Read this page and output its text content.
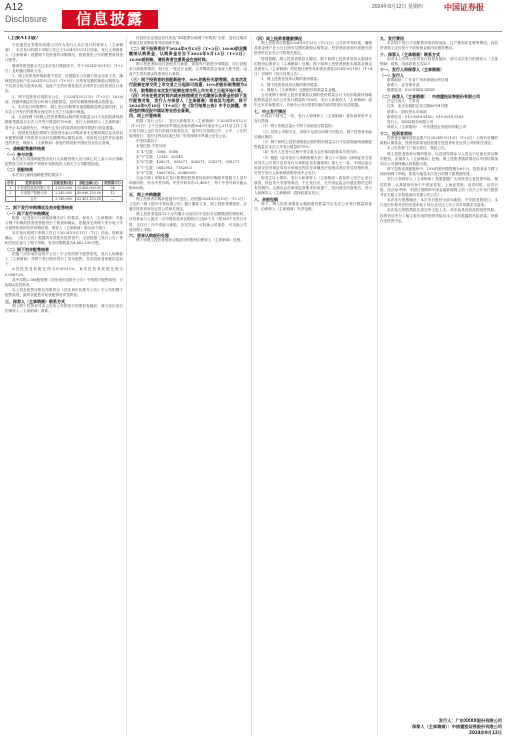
A12	2024年9月12日 星期四	中国证券报
Disclosure	信息披露
（上接A11版）

中信建投证券股份有限公司作为发行人本次发行的保荐人（主承销商），本次发行的网下申购工作已于2024年9月11日结束，发行人和保荐人（主承销商）根据网下投资者的申购情况，按照预先公布的配售原则进行配售。

敬请投资者重点关注本次发行缴款环节，并于2024年9月13日（T+2日）及时履行缴款义务。

1、网上投资者申购新股中签后，应根据本公告履行资金交收义务，确保其资金账户在2024年9月13日（T+2日）日终有足额的新股认购资金，不足部分视为放弃认购，由此产生的后果及相关法律责任由投资者自行承担。

2、网下投资者应根据本公告，于2024年9月13日（T+2日）16:00前，按最终确定的发行价格与获配数量，及时足额缴纳新股认购资金。

3、本次发行的股票中，网上发行的股票无流通限制及锁定期安排，自本次公开发行的股票在深交所上市之日起即可流通。

4、当出现网下和网上投资者缴款认购的股份数量合计不足扣除最终战略配售数量后本次公开发行数量的70%时，发行人和保荐人（主承销商）将中止本次新股发行，并就中止发行的原因和后续安排进行信息披露。

5、提供有效报价的网下投资者未参与申购或者未足额申购以及获得初步配售的网下投资者未及时足额缴纳认购资金的，将被视为违约并应承担违约责任，保荐人（主承销商）将违约情况报中国证券业协会备案。

一、战略配售最终结果

（一）参与对象

本次发行的战略配售由发行人高级管理人员与核心员工参与本次战略配售设立的专项资产管理计划和保荐人相关子公司跟投组成。

（二）获配结果

本次发行最终战略配售结果如下：

序号	投资者名称	获配股数(股)	获配金额(元)	限售期(月)
1	中信建投投资有限公司	1,500,000	33,405,000.00	24
2	专项资产管理计划	2,245,000	49,996,150.00	12
	合计	3,745,000	83,401,150.00	—

二、网下发行申购情况及初步配售结果

（一）网下发行申购情况

根据《证券发行与承销管理办法》的要求，保荐人（主承销商）对参与网下申购的投资者资格进行了核查和确认。依据深交所网下发行电子平台最终收到的有效申购结果，保荐人（主承销商）做出如下统计：

本次发行的网下申购工作已于2024年9月11日（T日）结束。经核查确认，《发行公告》披露的有效报价投资者中，全部按照《发行公告》等相关规定参与了网下申购，有效申购数量为4,862,150万股。

（二）网下初步配售结果

根据《初步询价及推介公告》中公布的网下配售原则，发行人和保荐人（主承销商）对网下发行股份进行了初步配售，各类投资者获配信息如下：

A类投资者获配比例为0.01012%，B类投资者获配比例为0.00872%。

其中零股2,186股按照《初步询价及推介公告》中的网下配售原则，分配给A类投资者。

以上初步配售安排及结果符合《初步询价及推介公告》中公布的网下配售原则，最终各配售对象获配情况详见附表。

三、保荐人（主承销商）联系方式

网上网下投资者对本公告所公布的发行结果如有疑问，请与本次发行的保荐人（主承销商）联系。

付款时应注明证券代码及“XX股票名称网下申购款”字样，没有注明或者备注信息错误将导致划款失败。

（二）网下投资者应于2024年9月13日（T+2日）16:00前足额缴纳认购资金，认购资金应当于2024年9月13日（T+2日）16:00前到账，请投资者注意资金在途时间。

网下投资者如同日获配多只新股，请按每只新股分别缴款。同日获配多只新股的情况，如只汇一笔总计金额，合并缴款将会造成入账失败，由此产生的后果由投资者自行承担。

（三）网下投资者的获配新股中，90%的股份无限售期，自本次发行股票在深交所上市交易之日起即可流通；10%的股份限售期为6个月，限售期自本次发行股票在深交所上市交易之日起开始计算。

（四）对未在规定时间内或未按照规定方式缴纳认购资金的网下发行配售对象，发行人与保荐人（主承销商）将视其为违约，将于2024年9月18日（T+4日）在《发行结果公告》中予以披露，并将违约情况报中国证券业协会备案。

四、网上中签结果

根据《发行公告》，发行人和保荐人（主承销商）于2024年9月12日（T+1日）上午在深圳市罗湖区深南东路5045号深业中心311室主持了本次发行网上定价发行的摇号抽签仪式。摇号仪式按照公开、公平、公正的原则进行，摇号过程及结果已经广东省深圳市罗湖公证处公证。

中签结果如下：

末尾位数 中签号码

末“4”位数：5086，0086

末“5”位数：12345，62345

末“6”位数：438271，638271，838271，238271，038271

末“7”位数：5682903，7182903

末“8”位数：19837615，82465092

凡参与网上申购本次发行股票的投资者持有的申购配号尾数与上述号码相同的，则为中签号码。中签号码共有21,480个，每个中签号码只能认购500股。

五、网上申购缴款

网上投资者申购新股摇号中签后，应依据2024年9月13日（T+2日）公告的《网上摇号中签结果公告》履行缴款义务，网上投资者缴款时，应遵守投资者所在证券公司相关规定。

网上投资者连续12个月内累计出现3次中签但未足额缴款的情形时，自结算参与人最近一次申报其放弃认购的次日起6个月（按180个自然日计算，含次日）内不得参与新股、存托凭证、可转换公司债券、可交换公司债券网上申购。

六、放弃认购股份处理

网下和网上投资者放弃认购部分的股份由保荐人（主承销商）包销。

（四）网上投资者缴款情况

网上投资者应根据2024年9月13日（T+2日）公告的中签结果，确保其资金账户在当日日终有足额的新股认购资金，投资者款项划付需遵守投资者所在证券公司的相关规定。

特别提醒，网上投资者缴款认购后，网下和网上投资者放弃认购部分的股份由保荐人（主承销商）包销。网下和网上投资者获配未缴款金额以及保荐人（主承销商）的包销比例等具体情况请见2024年9月18日（T+4日）刊登的《发行结果公告》。

1、网上投资者放弃认购的股份数量；

2、网下投资者放弃认购的股份数量；

3、保荐人（主承销商）包销股份的数量及金额。

当出现网下和网上投资者缴款认购的股份数量合计不足扣除最终战略配售数量后本次公开发行数量的70%时，发行人和保荐人（主承销商）将中止本次新股发行，并就中止发行的原因和后续安排进行信息披露。

七、中止发行情况

出现以下情况之一的，发行人和保荐人（主承销商）将协商采取中止发行措施：

（1）网下申购总量小于网下初始发行数量的；

（2）若网上申购不足，申购不足部分向网下回拨后，网下投资者未能足额认购的；

（3）网下和网上投资者缴款认购的股份数量合计不足扣除最终战略配售数量后本次公开发行数量的70%；

（4）发行人在发行过程中发生重大会后事项影响本次发行的；

（5）根据《证券发行与承销管理办法》第五十六条和《深圳证券交易所首次公开发行证券发行与承销业务实施细则》第七十一条，中国证监会和深交所发现证券发行承销过程存在涉嫌违法违规或者存在异常情形的，可责令发行人和承销商暂停或中止发行。

如发生以上情形，发行人和保荐人（主承销商）将及时公告中止发行原因、恢复发行安排等事宜。中止发行后，在中国证监会同意注册决定的有效期内，且满足会后事项监管要求的前提下，经向深交所备案后，发行人和保荐人（主承销商）将择机重启发行。

八、余股包销

网下、网上投资者缴款认购的股份数量不足本次公开发行数量的部分，由保荐人（主承销商）负责包销。

九、发行费用

本次网下发行不向配售对象收取佣金、过户费和印花税等费用。向投资者网上定价发行不收取佣金和印花税等费用。

十、保荐人（主承销商）联系方式

如对本公告所公布的发行结果有疑问，请与本次发行的保荐人（主承销商）联系。具体联系方式如下：

十一、发行人和保荐人（主承销商）

（一）发行人

联系地址：广东省广州市黄埔区科学城

联系人：证券事务部

联系电话：020-XXXX XXXX

（二）保荐人（主承销商）：中信建投证券股份有限公司

法定代表人：王常青

住所：北京市朝阳区安立路66号4号楼

联系人：股权资本市场部

联系电话：010-5618 6160，010-5618 6169

发行人：XXXX股份有限公司

保荐人（主承销商）：中信建投证券股份有限公司

十二、投资者须知

投资者应确保其资金账户在2024年9月13日（T+2日）日终有足额的新股认购资金，投资者款项划付需遵守投资者所在证券公司的相关规定。

本公告所称“日”指交易日。特此公告。

网上投资者放弃认购的股份，以及因结算参与人资金不足而无效认购的股份，由保荐人（主承销商）包销。网上投资者缴款情况以中国结算深圳分公司最终确认的数据为准。

网下投资者获配股份中，10%的股份限售期为6个月，投资者参与网下询价和网下申购，即视为接受本次发行的网下限售期安排。

发行人和保荐人（主承销商）郑重提醒广大投资者注意投资风险，理性投资，认真阅读刊登于中国证券报、上海证券报、证券时报、证券日报、经济参考网、中国日报网和中国金融新闻网上的《首次公开发行股票并在主板上市招股意向书提示性公告》。

本次发行股票概况：本次发行股份全部为新股，不安排老股转让。本次发行价格对应的市盈率低于同行业可比上市公司平均静态市盈率。

本次发行的股票拟在深交所主板上市。该市场具有较高的投资风险。投资者应充分了解主板市场的投资风险及本公司所披露的风险因素，审慎作出投资决定。

发行人：广东XXXX股份有限公司
保荐人（主承销商）：中信建投证券股份有限公司
2024年9月12日
